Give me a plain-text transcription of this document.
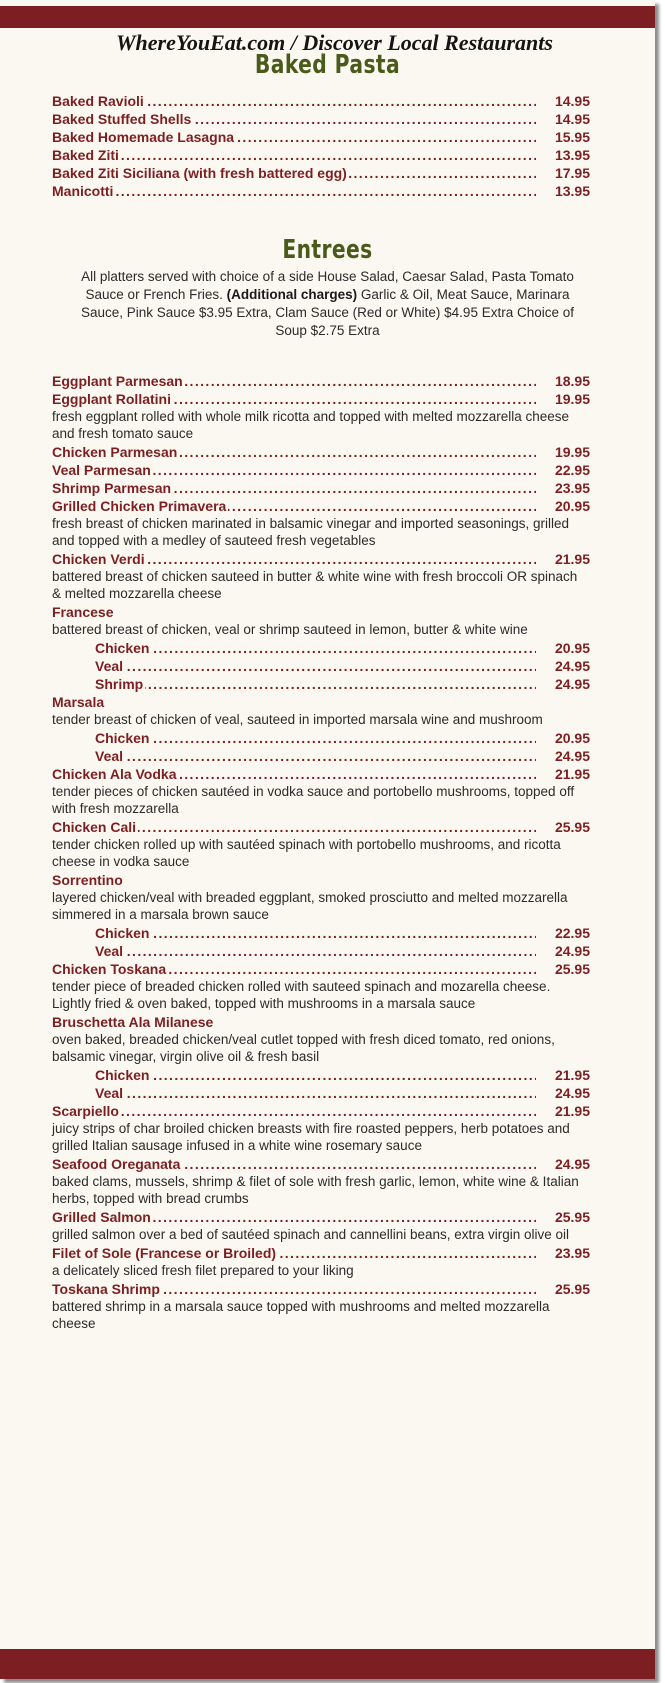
WhereYouEat.com / Discover Local Restaurants
Baked Pasta
.....
Baked Ravioli	14.95
.....
Baked Stuffed Shells	14.95
.....
Baked Homemade Lasagna	15.95
.....
Baked Ziti	13.95
.....
Baked Ziti Siciliana (with fresh battered egg)	17.95
.....
Manicotti	13.95
Entrees
All platters served with choice of a side House Salad, Caesar Salad, Pasta Tomato Sauce or French Fries. (Additional charges) Garlic & Oil, Meat Sauce, Marinara Sauce, Pink Sauce $3.95 Extra, Clam Sauce (Red or White) $4.95 Extra Choice of Soup $2.75 Extra
.....
Eggplant Parmesan	18.95
.....
Eggplant Rollatini	19.95
fresh eggplant rolled with whole milk ricotta and topped with melted mozzarella cheese and fresh tomato sauce
.....
Chicken Parmesan	19.95
.....
Veal Parmesan	22.95
.....
Shrimp Parmesan	23.95
.....
Grilled Chicken Primavera	20.95
fresh breast of chicken marinated in balsamic vinegar and imported seasonings, grilled and topped with a medley of sauteed fresh vegetables
.....
Chicken Verdi	21.95
battered breast of chicken sauteed in butter & white wine with fresh broccoli OR spinach & melted mozzarella cheese
Francese
battered breast of chicken, veal or shrimp sauteed in lemon, butter & white wine
.....
Chicken	20.95
.....
Veal	24.95
.....
Shrimp	24.95
Marsala
tender breast of chicken of veal, sauteed in imported marsala wine and mushroom
.....
Chicken	20.95
.....
Veal	24.95
.....
Chicken Ala Vodka	21.95
tender pieces of chicken sautéed in vodka sauce and portobello mushrooms, topped off with fresh mozzarella
.....
Chicken Cali	25.95
tender chicken rolled up with sautéed spinach with portobello mushrooms, and ricotta cheese in vodka sauce
Sorrentino
layered chicken/veal with breaded eggplant, smoked prosciutto and melted mozzarella simmered in a marsala brown sauce
.....
Chicken	22.95
.....
Veal	24.95
.....
Chicken Toskana	25.95
tender piece of breaded chicken rolled with sauteed spinach and mozarella cheese. Lightly fried & oven baked, topped with mushrooms in a marsala sauce
Bruschetta Ala Milanese
oven baked, breaded chicken/veal cutlet topped with fresh diced tomato, red onions, balsamic vinegar, virgin olive oil & fresh basil
.....
Chicken	21.95
.....
Veal	24.95
.....
Scarpiello	21.95
juicy strips of char broiled chicken breasts with fire roasted peppers, herb potatoes and grilled Italian sausage infused in a white wine rosemary sauce
.....
Seafood Oreganata	24.95
baked clams, mussels, shrimp & filet of sole with fresh garlic, lemon, white wine & Italian herbs, topped with bread crumbs
.....
Grilled Salmon	25.95
grilled salmon over a bed of sautéed spinach and cannellini beans, extra virgin olive oil
.....
Filet of Sole (Francese or Broiled)	23.95
a delicately sliced fresh filet prepared to your liking
.....
Toskana Shrimp	25.95
battered shrimp in a marsala sauce topped with mushrooms and melted mozzarella cheese
